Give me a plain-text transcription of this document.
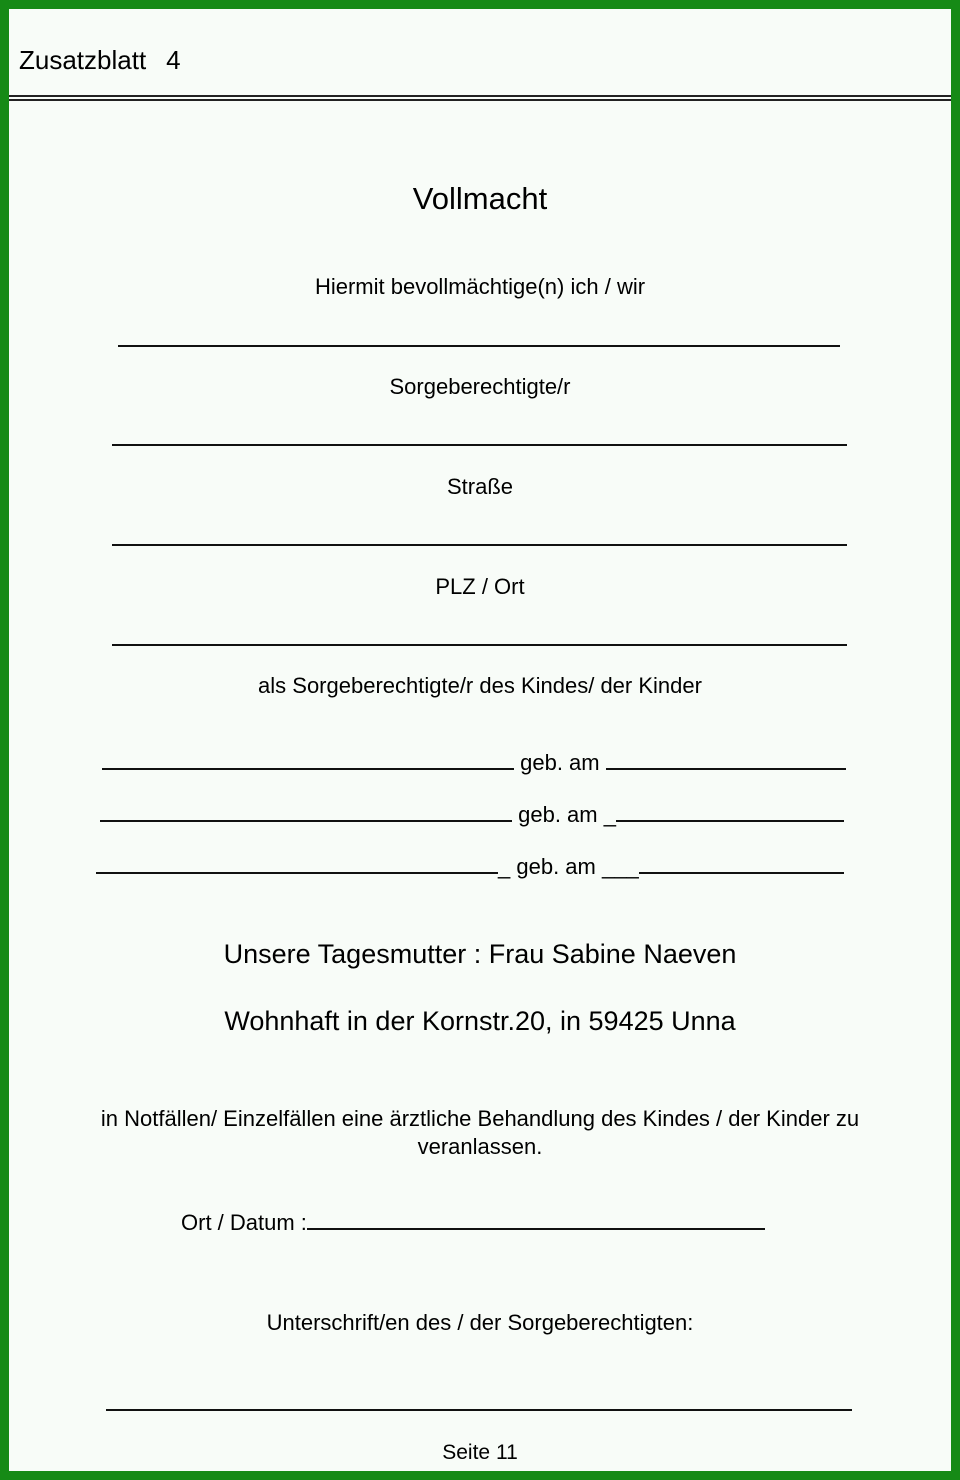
Zusatzblatt 4
Vollmacht
Hiermit bevollmächtige(n) ich / wir
Sorgeberechtigte/r
Straße
PLZ / Ort
als Sorgeberechtigte/r des Kindes/ der Kinder
geb. am
geb. am _
_ geb. am ___
Unsere Tagesmutter : Frau Sabine Naeven
Wohnhaft in der Kornstr.20, in 59425 Unna
in Notfällen/ Einzelfällen eine ärztliche Behandlung des Kindes / der Kinder zu
veranlassen.
Ort / Datum :
Unterschrift/en des / der Sorgeberechtigten:
Seite 11
